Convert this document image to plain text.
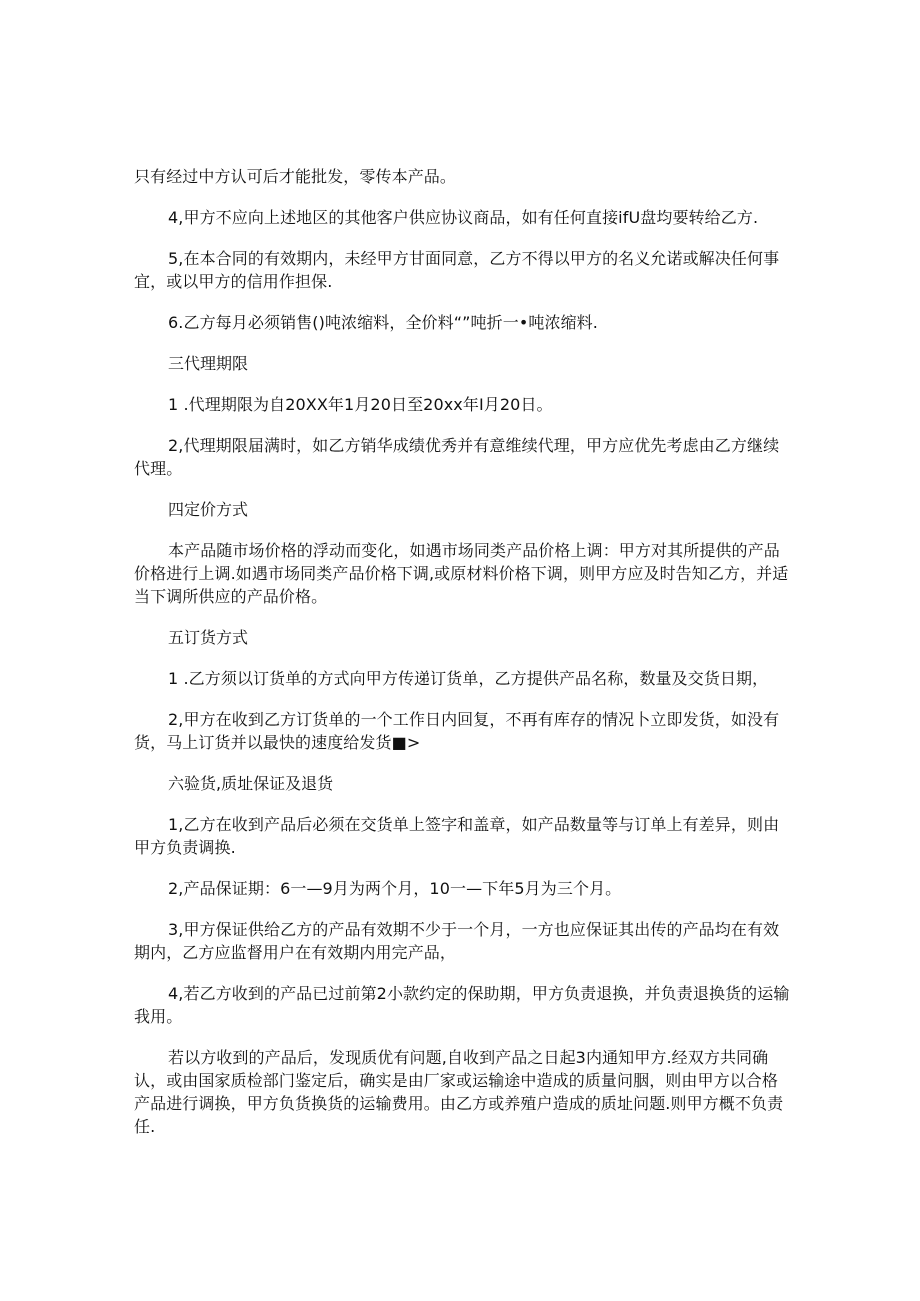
只有经过中方认可后才能批发，零传本产品。

4,甲方不应向上述地区的其他客户供应协议商品，如有任何直接ifU盘均要转给乙方.

5,在本合同的有效期内，未经甲方甘面同意，乙方不得以甲方的名义允诺或解决任何事宜，或以甲方的信用作担保.

6.乙方每月必须销售()吨浓缩料，全价料“”吨折一•吨浓缩料.

三代理期限

1 .代理期限为自20XX年1月20日至20xx年I月20日。

2,代理期限届满时，如乙方销华成绩优秀并有意维续代理，甲方应优先考虑由乙方继续代理。

四定价方式

本产品随市场价格的浮动而变化，如遇市场同类产品价格上调：甲方对其所提供的产品价格进行上调.如遇市场同类产品价格下调,或原材料价格下调，则甲方应及时告知乙方，并适当下调所供应的产品价格。

五订货方式

1 .乙方须以订货单的方式向甲方传递订货单，乙方提供产品名称，数量及交货日期，

2,甲方在收到乙方订货单的一个工作日内回复，不再有库存的情况卜立即发货，如没有货，马上订货并以最快的速度给发货■>

六验货,质址保证及退货

1,乙方在收到产品后必须在交货单上签字和盖章，如产品数量等与订单上有差异，则由甲方负责调换.

2,产品保证期：6一—9月为两个月，10一—下年5月为三个月。

3,甲方保证供给乙方的产品有效期不少于一个月，一方也应保证其出传的产品均在有效期内，乙方应监督用户在有效期内用完产品，

4,若乙方收到的产品已过前第2小款约定的保助期，甲方负责退换，并负责退换货的运输我用。

若以方收到的产品后，发现质优有问题,自收到产品之日起3内通知甲方.经双方共同确认，或由国家质检部门鉴定后，确实是由厂家或运输途中造成的质量问胭，则由甲方以合格产品进行调换，甲方负货换货的运输费用。由乙方或养殖户造成的质址问题.则甲方概不负责任.
